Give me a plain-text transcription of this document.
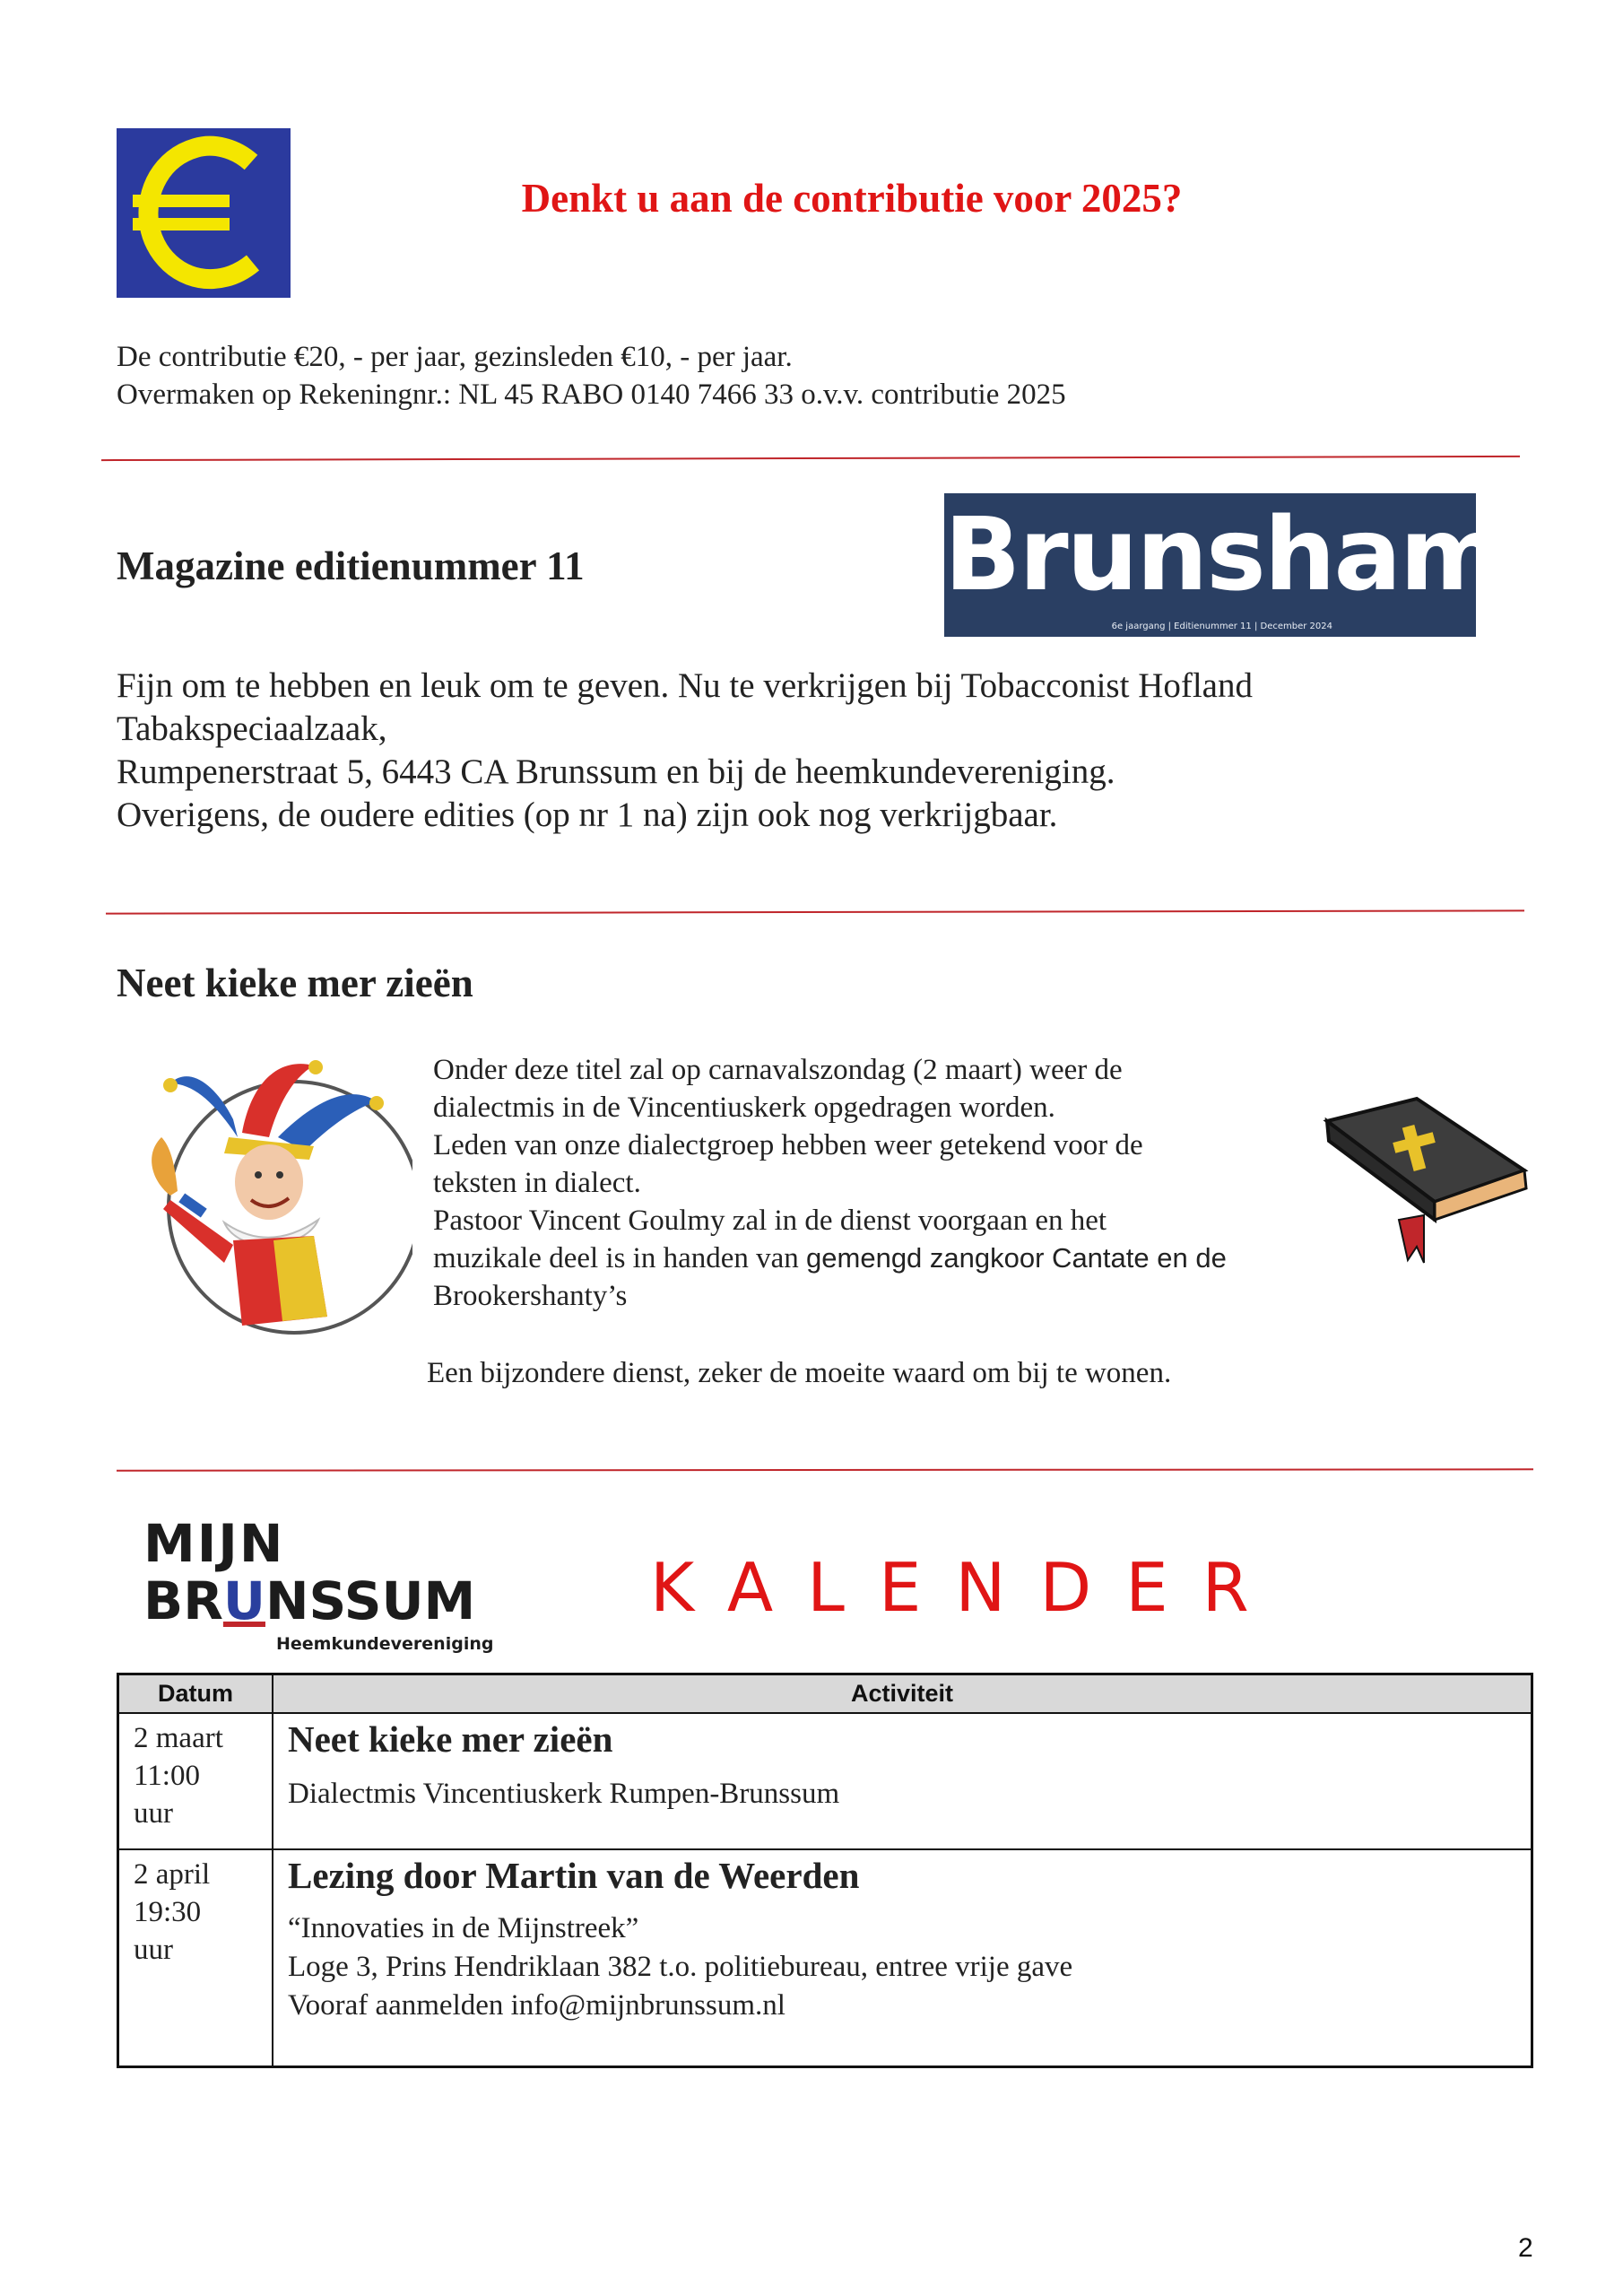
Denkt u aan de contributie voor 2025?
De contributie €20, - per jaar, gezinsleden €10, - per jaar.
Overmaken op Rekeningnr.: NL 45 RABO 0140 7466 33 o.v.v. contributie 2025
Magazine editienummer 11	Brunsham
6e jaargang | Editienummer 11 | December 2024
Fijn om te hebben en leuk om te geven. Nu te verkrijgen bij Tobacconist Hofland
Tabakspeciaalzaak,
Rumpenerstraat 5, 6443 CA Brunssum en bij de heemkundevereniging.
Overigens, de oudere edities (op nr 1 na) zijn ook nog verkrijgbaar.
Neet kieke mer zieën
Onder deze titel zal op carnavalszondag (2 maart) weer de
dialectmis in de Vincentiuskerk opgedragen worden.
Leden van onze dialectgroep hebben weer getekend voor de
teksten in dialect.
Pastoor Vincent Goulmy zal in de dienst voorgaan en het
muzikale deel is in handen van gemengd zangkoor Cantate en de
Brookershanty’s
Een bijzondere dienst, zeker de moeite waard om bij te wonen.
MIJN
BRUNSSUM
Heemkundevereniging
KALENDER
Datum	Activiteit
2 maart
11:00
uur
Neet kieke mer zieën
Dialectmis Vincentiuskerk Rumpen-Brunssum
2 april
19:30
uur
Lezing door Martin van de Weerden
“Innovaties in de Mijnstreek”
Loge 3, Prins Hendriklaan 382 t.o. politiebureau, entree vrije gave
Vooraf aanmelden info@mijnbrunssum.nl
2
